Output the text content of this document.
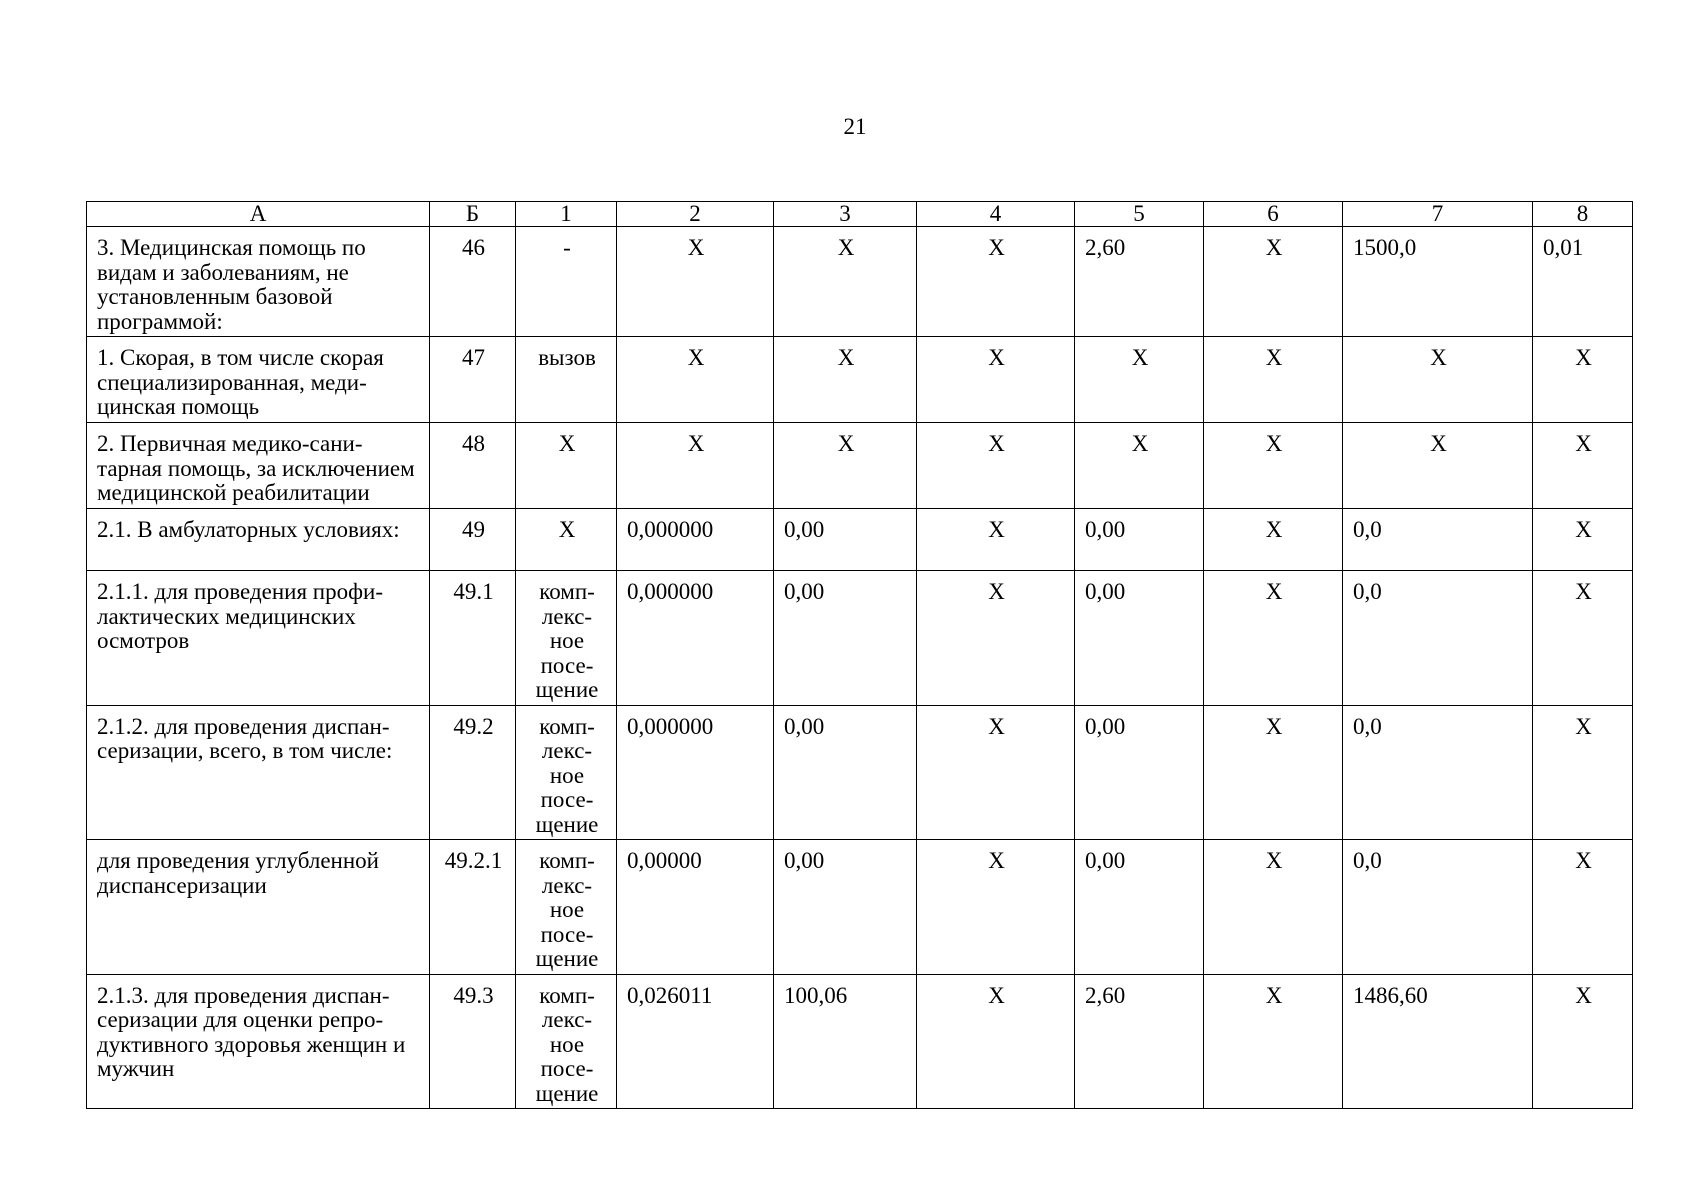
21
А	Б	1	2	3	4	5	6	7	8
3. Медицинская помощь по видам и заболеваниям, не установленным базовой программой:	46	-	Х	Х	Х	2,60	Х	1500,0	0,01
1. Скорая, в том числе скорая специализированная, меди-цинская помощь	47	вызов	Х	Х	Х	Х	Х	Х	Х
2. Первичная медико-сани-тарная помощь, за исключением медицинской реабилитации	48	Х	Х	Х	Х	Х	Х	Х	Х
2.1. В амбулаторных условиях:	49	Х	0,000000	0,00	Х	0,00	Х	0,0	Х
2.1.1. для проведения профи-лактических медицинских осмотров	49.1	комп-лекс-ное посе-щение	0,000000	0,00	Х	0,00	Х	0,0	Х
2.1.2. для проведения диспан-серизации, всего, в том числе:	49.2	комп-лекс-ное посе-щение	0,000000	0,00	Х	0,00	Х	0,0	Х
для проведения углубленной диспансеризации	49.2.1	комп-лекс-ное посе-щение	0,00000	0,00	Х	0,00	Х	0,0	Х
2.1.3. для проведения диспан-серизации для оценки репро-дуктивного здоровья женщин и мужчин	49.3	комп-лекс-ное посе-щение	0,026011	100,06	Х	2,60	Х	1486,60	Х
